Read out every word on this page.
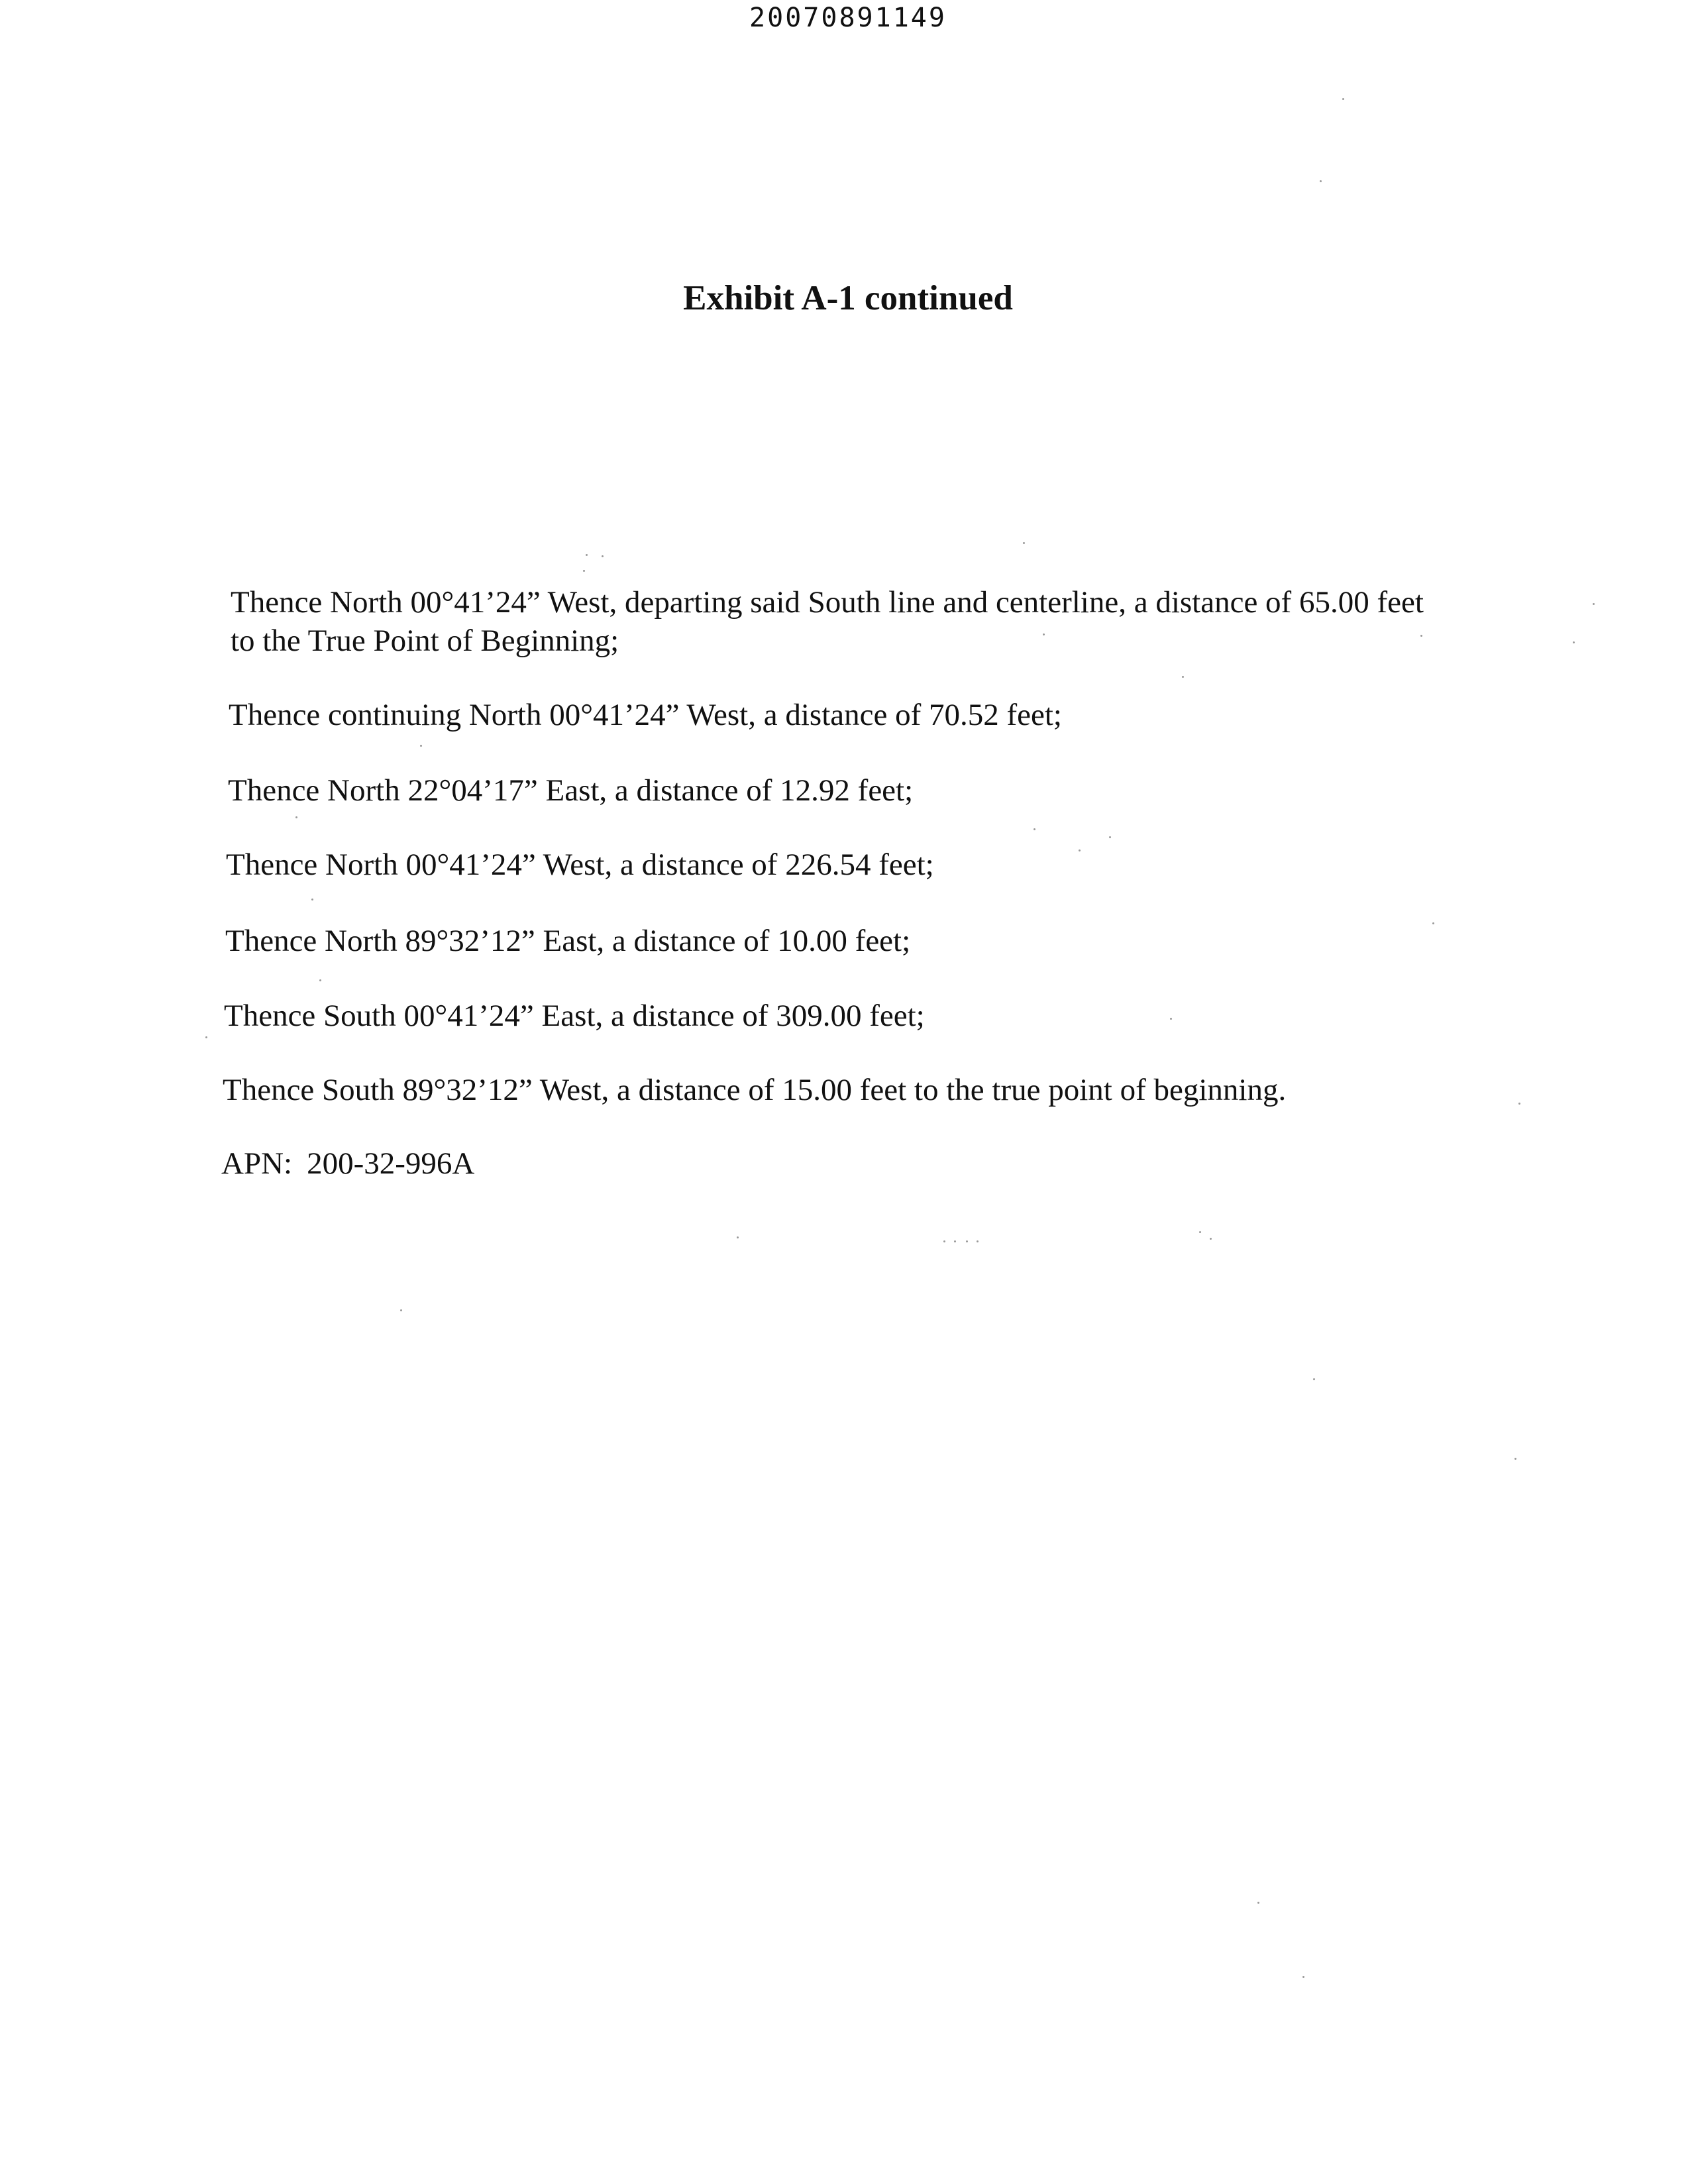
20070891149
Exhibit A-1 continued
Thence North 00°41’24” West, departing said South line and centerline, a distance of 65.00 feet
to the True Point of Beginning;
Thence continuing North 00°41’24” West, a distance of 70.52 feet;
Thence North 22°04’17” East, a distance of 12.92 feet;
Thence North 00°41’24” West, a distance of 226.54 feet;
Thence North 89°32’12” East, a distance of 10.00 feet;
Thence South 00°41’24” East, a distance of 309.00 feet;
Thence South 89°32’12” West, a distance of 15.00 feet to the true point of beginning.
APN: 200-32-996A
